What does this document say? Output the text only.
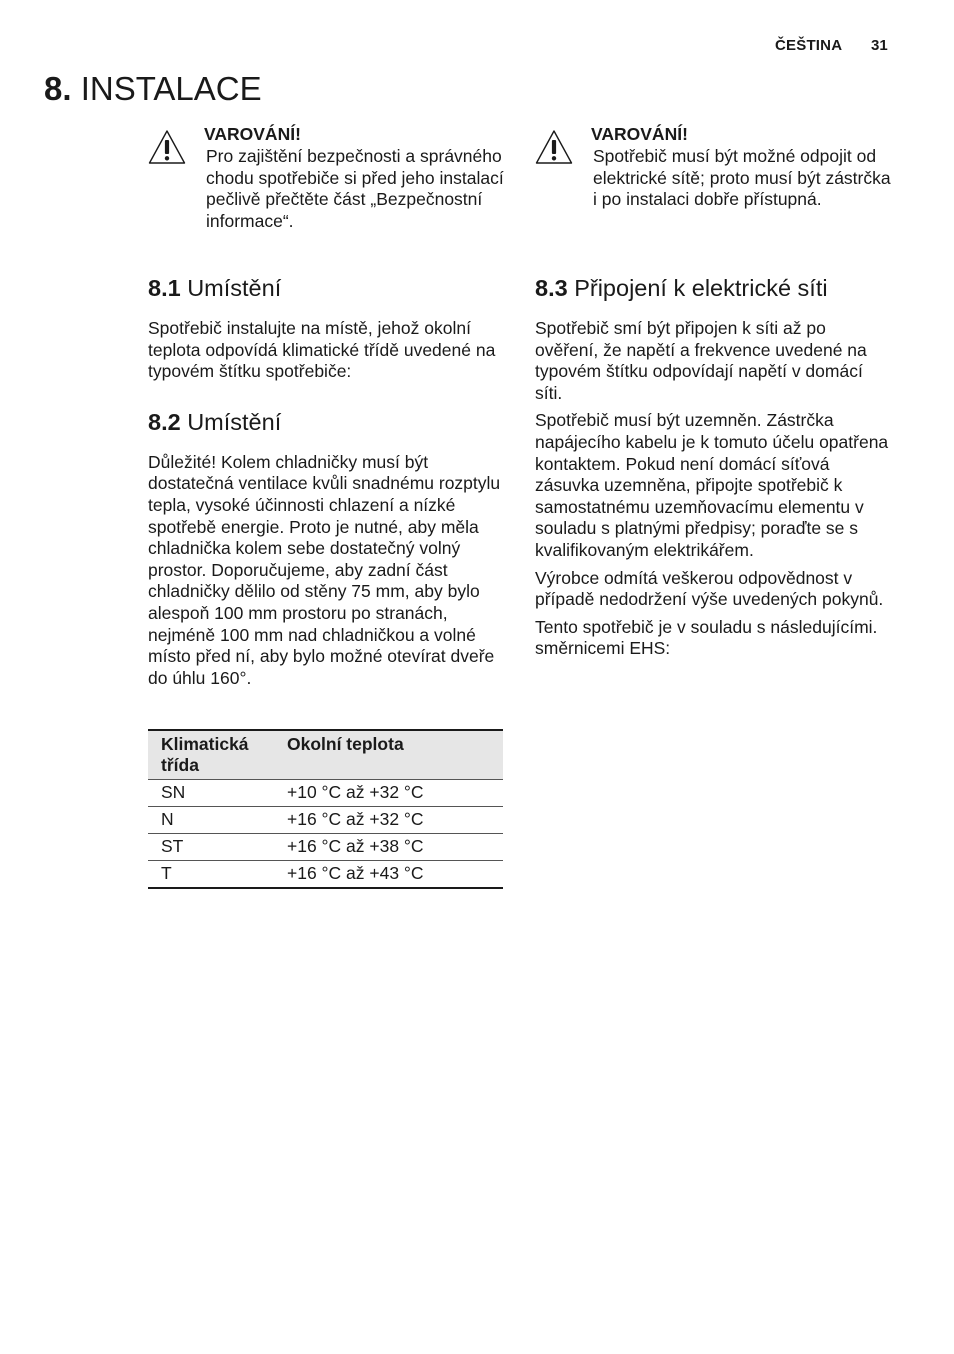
ČEŠTINA 31
8. INSTALACE
VAROVÁNÍ!
Pro zajištění bezpečnosti a správného chodu spotřebiče si před jeho instalací pečlivě přečtěte část „Bezpečnostní informace“.
8.1 Umístění

Spotřebič instalujte na místě, jehož okolní teplota odpovídá klimatické třídě uvedené na typovém štítku spotřebiče:

8.2 Umístění

Důležité! Kolem chladničky musí být dostatečná ventilace kvůli snadnému rozptylu tepla, vysoké účinnosti chlazení a nízké spotřebě energie. Proto je nutné, aby měla chladnička kolem sebe dostatečný volný prostor. Doporučujeme, aby zadní část chladničky dělilo od stěny 75 mm, aby bylo alespoň 100 mm prostoru po stranách, nejméně 100 mm nad chladničkou a volné místo před ní, aby bylo možné otevírat dveře do úhlu 160°.

Klimatická třída	Okolní teplota
SN	+10 °C až +32 °C
N	+16 °C až +32 °C
ST	+16 °C až +38 °C
T	+16 °C až +43 °C
VAROVÁNÍ!
Spotřebič musí být možné odpojit od elektrické sítě; proto musí být zástrčka i po instalaci dobře přístupná.
8.3 Připojení k elektrické síti

Spotřebič smí být připojen k síti až po ověření, že napětí a frekvence uvedené na typovém štítku odpovídají napětí v domácí síti.

Spotřebič musí být uzemněn. Zástrčka napájecího kabelu je k tomuto účelu opatřena kontaktem. Pokud není domácí síťová zásuvka uzemněna, připojte spotřebič k samostatnému uzemňovacímu elementu v souladu s platnými předpisy; poraďte se s kvalifikovaným elektrikářem.

Výrobce odmítá veškerou odpovědnost v případě nedodržení výše uvedených pokynů.

Tento spotřebič je v souladu s následujícími. směrnicemi EHS:
